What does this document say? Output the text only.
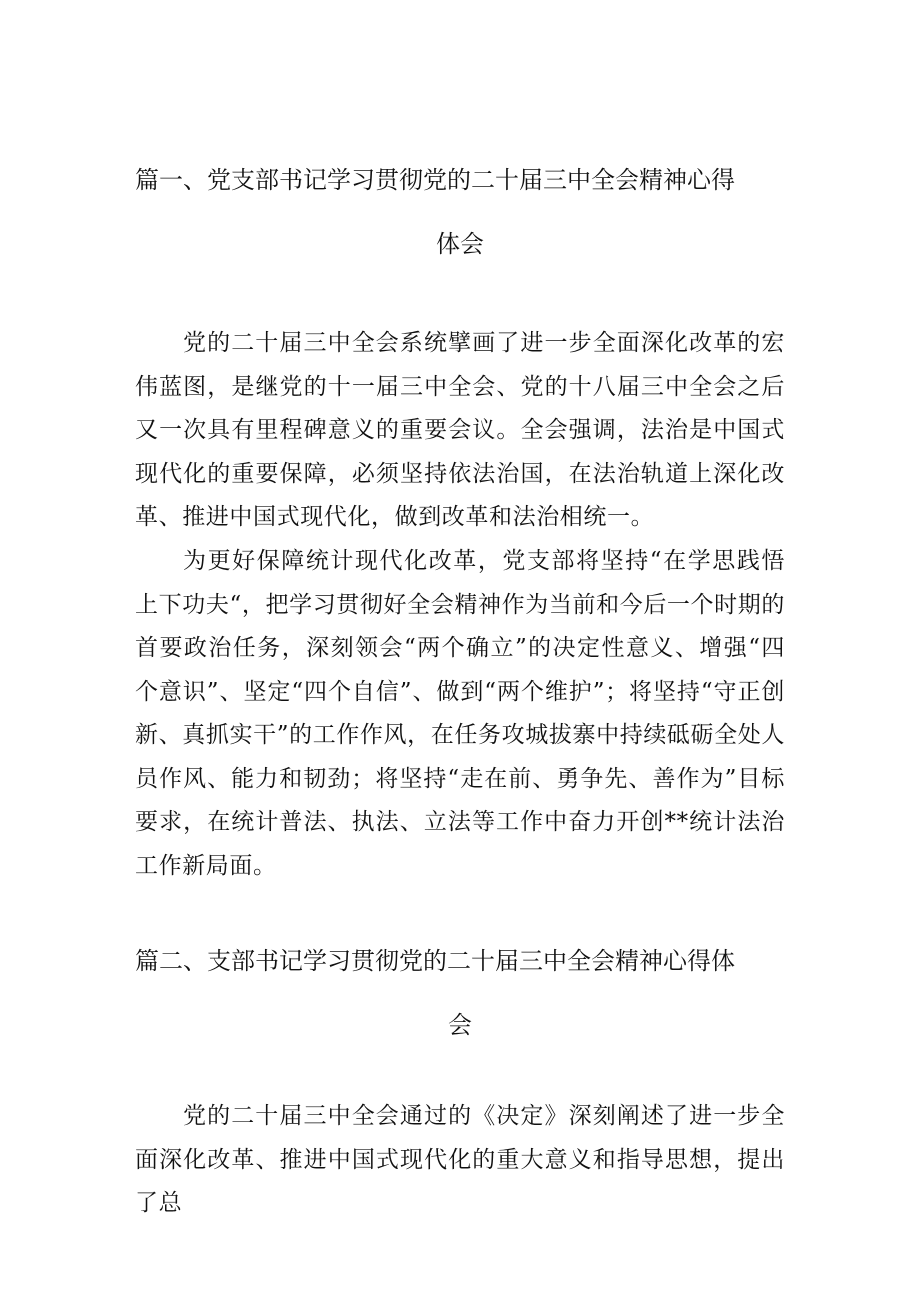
篇一、党支部书记学习贯彻党的二十届三中全会精神心得
体会

党的二十届三中全会系统擘画了进一步全面深化改革的宏伟蓝图，是继党的十一届三中全会、党的十八届三中全会之后又一次具有里程碑意义的重要会议。全会强调，法治是中国式现代化的重要保障，必须坚持依法治国，在法治轨道上深化改革、推进中国式现代化，做到改革和法治相统一。

为更好保障统计现代化改革，党支部将坚持“在学思践悟上下功夫“，把学习贯彻好全会精神作为当前和今后一个时期的首要政治任务，深刻领会“两个确立”的决定性意义、增强“四个意识”、坚定“四个自信”、做到“两个维护”；将坚持“守正创新、真抓实干”的工作作风，在任务攻城拔寨中持续砥砺全处人员作风、能力和韧劲；将坚持“走在前、勇争先、善作为”目标要求，在统计普法、执法、立法等工作中奋力开创**统计法治工作新局面。

篇二、支部书记学习贯彻党的二十届三中全会精神心得体
会

党的二十届三中全会通过的《决定》深刻阐述了进一步全面深化改革、推进中国式现代化的重大意义和指导思想，提出了总
